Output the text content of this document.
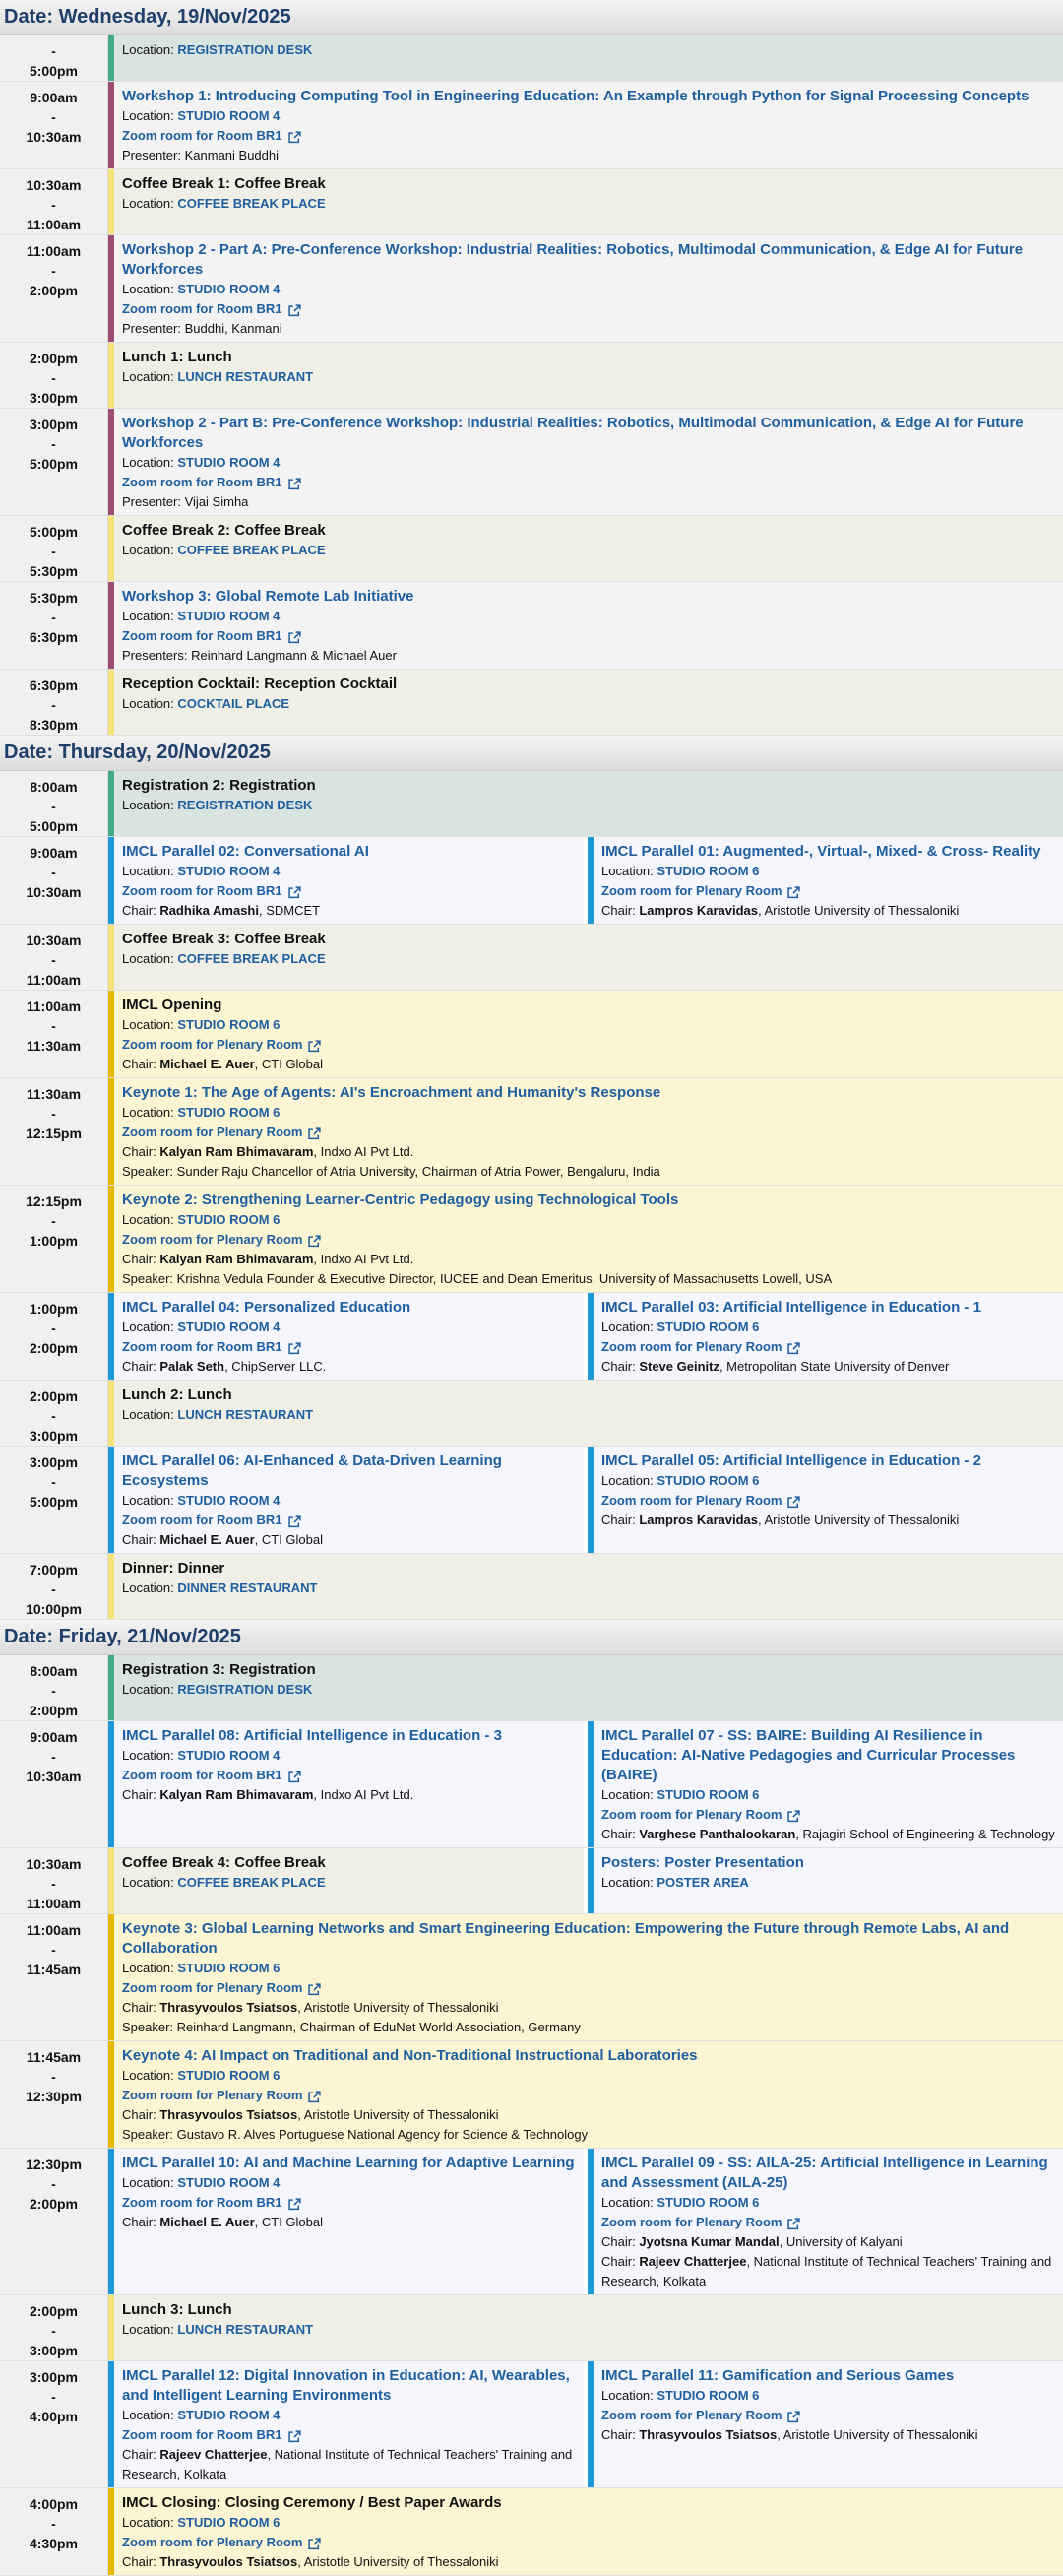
Date: Wednesday, 19/Nov/2025
-
5:00pm
Location: REGISTRATION DESK
9:00am
-
10:30am
Workshop 1: Introducing Computing Tool in Engineering Education: An Example through Python for Signal Processing Concepts
Location: STUDIO ROOM 4
Zoom room for Room BR1
Presenter: Kanmani Buddhi
10:30am
-
11:00am
Coffee Break 1: Coffee Break
Location: COFFEE BREAK PLACE
11:00am
-
2:00pm
Workshop 2 - Part A: Pre-Conference Workshop: Industrial Realities: Robotics, Multimodal Communication, & Edge AI for Future Workforces
Location: STUDIO ROOM 4
Zoom room for Room BR1
Presenter: Buddhi, Kanmani
2:00pm
-
3:00pm
Lunch 1: Lunch
Location: LUNCH RESTAURANT
3:00pm
-
5:00pm
Workshop 2 - Part B: Pre-Conference Workshop: Industrial Realities: Robotics, Multimodal Communication, & Edge AI for Future Workforces
Location: STUDIO ROOM 4
Zoom room for Room BR1
Presenter: Vijai Simha
5:00pm
-
5:30pm
Coffee Break 2: Coffee Break
Location: COFFEE BREAK PLACE
5:30pm
-
6:30pm
Workshop 3: Global Remote Lab Initiative
Location: STUDIO ROOM 4
Zoom room for Room BR1
Presenters: Reinhard Langmann & Michael Auer
6:30pm
-
8:30pm
Reception Cocktail: Reception Cocktail
Location: COCKTAIL PLACE
Date: Thursday, 20/Nov/2025
8:00am
-
5:00pm
Registration 2: Registration
Location: REGISTRATION DESK
9:00am
-
10:30am
IMCL Parallel 02: Conversational AI
Location: STUDIO ROOM 4
Zoom room for Room BR1
Chair: Radhika Amashi, SDMCET
IMCL Parallel 01: Augmented-, Virtual-, Mixed- & Cross- Reality
Location: STUDIO ROOM 6
Zoom room for Plenary Room
Chair: Lampros Karavidas, Aristotle University of Thessaloniki
10:30am
-
11:00am
Coffee Break 3: Coffee Break
Location: COFFEE BREAK PLACE
11:00am
-
11:30am
IMCL Opening
Location: STUDIO ROOM 6
Zoom room for Plenary Room
Chair: Michael E. Auer, CTI Global
11:30am
-
12:15pm
Keynote 1: The Age of Agents: AI's Encroachment and Humanity's Response
Location: STUDIO ROOM 6
Zoom room for Plenary Room
Chair: Kalyan Ram Bhimavaram, Indxo AI Pvt Ltd.
Speaker: Sunder Raju Chancellor of Atria University, Chairman of Atria Power, Bengaluru, India
12:15pm
-
1:00pm
Keynote 2: Strengthening Learner-Centric Pedagogy using Technological Tools
Location: STUDIO ROOM 6
Zoom room for Plenary Room
Chair: Kalyan Ram Bhimavaram, Indxo AI Pvt Ltd.
Speaker: Krishna Vedula Founder & Executive Director, IUCEE and Dean Emeritus, University of Massachusetts Lowell, USA
1:00pm
-
2:00pm
IMCL Parallel 04: Personalized Education
Location: STUDIO ROOM 4
Zoom room for Room BR1
Chair: Palak Seth, ChipServer LLC.
IMCL Parallel 03: Artificial Intelligence in Education - 1
Location: STUDIO ROOM 6
Zoom room for Plenary Room
Chair: Steve Geinitz, Metropolitan State University of Denver
2:00pm
-
3:00pm
Lunch 2: Lunch
Location: LUNCH RESTAURANT
3:00pm
-
5:00pm
IMCL Parallel 06: AI-Enhanced & Data-Driven Learning Ecosystems
Location: STUDIO ROOM 4
Zoom room for Room BR1
Chair: Michael E. Auer, CTI Global
IMCL Parallel 05: Artificial Intelligence in Education - 2
Location: STUDIO ROOM 6
Zoom room for Plenary Room
Chair: Lampros Karavidas, Aristotle University of Thessaloniki
7:00pm
-
10:00pm
Dinner: Dinner
Location: DINNER RESTAURANT
Date: Friday, 21/Nov/2025
8:00am
-
2:00pm
Registration 3: Registration
Location: REGISTRATION DESK
9:00am
-
10:30am
IMCL Parallel 08: Artificial Intelligence in Education - 3
Location: STUDIO ROOM 4
Zoom room for Room BR1
Chair: Kalyan Ram Bhimavaram, Indxo AI Pvt Ltd.
IMCL Parallel 07 - SS: BAIRE: Building AI Resilience in Education: AI-Native Pedagogies and Curricular Processes (BAIRE)
Location: STUDIO ROOM 6
Zoom room for Plenary Room
Chair: Varghese Panthalookaran, Rajagiri School of Engineering & Technology
10:30am
-
11:00am
Coffee Break 4: Coffee Break
Location: COFFEE BREAK PLACE
Posters: Poster Presentation
Location: POSTER AREA
11:00am
-
11:45am
Keynote 3: Global Learning Networks and Smart Engineering Education: Empowering the Future through Remote Labs, AI and Collaboration
Location: STUDIO ROOM 6
Zoom room for Plenary Room
Chair: Thrasyvoulos Tsiatsos, Aristotle University of Thessaloniki
Speaker: Reinhard Langmann, Chairman of EduNet World Association, Germany
11:45am
-
12:30pm
Keynote 4: AI Impact on Traditional and Non-Traditional Instructional Laboratories
Location: STUDIO ROOM 6
Zoom room for Plenary Room
Chair: Thrasyvoulos Tsiatsos, Aristotle University of Thessaloniki
Speaker: Gustavo R. Alves Portuguese National Agency for Science & Technology
12:30pm
-
2:00pm
IMCL Parallel 10: AI and Machine Learning for Adaptive Learning
Location: STUDIO ROOM 4
Zoom room for Room BR1
Chair: Michael E. Auer, CTI Global
IMCL Parallel 09 - SS: AILA-25: Artificial Intelligence in Learning and Assessment (AILA-25)
Location: STUDIO ROOM 6
Zoom room for Plenary Room
Chair: Jyotsna Kumar Mandal, University of Kalyani
Chair: Rajeev Chatterjee, National Institute of Technical Teachers' Training and Research, Kolkata
2:00pm
-
3:00pm
Lunch 3: Lunch
Location: LUNCH RESTAURANT
3:00pm
-
4:00pm
IMCL Parallel 12: Digital Innovation in Education: AI, Wearables, and Intelligent Learning Environments
Location: STUDIO ROOM 4
Zoom room for Room BR1
Chair: Rajeev Chatterjee, National Institute of Technical Teachers' Training and Research, Kolkata
IMCL Parallel 11: Gamification and Serious Games
Location: STUDIO ROOM 6
Zoom room for Plenary Room
Chair: Thrasyvoulos Tsiatsos, Aristotle University of Thessaloniki
4:00pm
-
4:30pm
IMCL Closing: Closing Ceremony / Best Paper Awards
Location: STUDIO ROOM 6
Zoom room for Plenary Room
Chair: Thrasyvoulos Tsiatsos, Aristotle University of Thessaloniki
